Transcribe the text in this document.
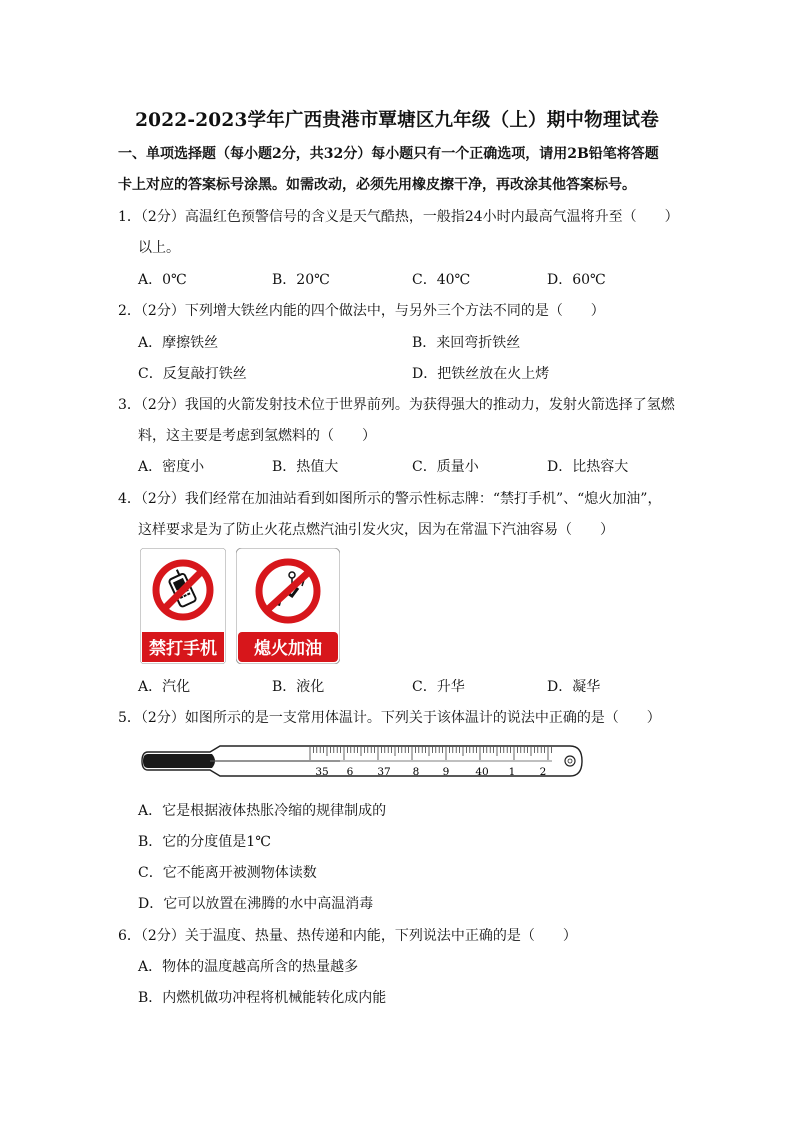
2022-2023学年广西贵港市覃塘区九年级（上）期中物理试卷
一、单项选择题（每小题2分，共32分）每小题只有一个正确选项，请用2B铅笔将答题
卡上对应的答案标号涂黑。如需改动，必须先用橡皮擦干净，再改涂其他答案标号。
1．（2分）高温红色预警信号的含义是天气酷热，一般指24小时内最高气温将升至（　　）
以上。
A．0℃	B．20℃	C．40℃	D．60℃
2．（2分）下列增大铁丝内能的四个做法中，与另外三个方法不同的是（　　）
A．摩擦铁丝	B．来回弯折铁丝
C．反复敲打铁丝	D．把铁丝放在火上烤
3．（2分）我国的火箭发射技术位于世界前列。为获得强大的推动力，发射火箭选择了氢燃
料，这主要是考虑到氢燃料的（　　）
A．密度小	B．热值大	C．质量小	D．比热容大
4．（2分）我们经常在加油站看到如图所示的警示性标志牌：“禁打手机”、“熄火加油”，
这样要求是为了防止火花点燃汽油引发火灾，因为在常温下汽油容易（　　）
禁打手机 熄火加油
A．汽化	B．液化	C．升华	D．凝华
5．（2分）如图所示的是一支常用体温计。下列关于该体温计的说法中正确的是（　　）
35 6 37 8 9 40 1 2
A．它是根据液体热胀冷缩的规律制成的
B．它的分度值是1℃
C．它不能离开被测物体读数
D．它可以放置在沸腾的水中高温消毒
6．（2分）关于温度、热量、热传递和内能，下列说法中正确的是（　　）
A．物体的温度越高所含的热量越多
B．内燃机做功冲程将机械能转化成内能
